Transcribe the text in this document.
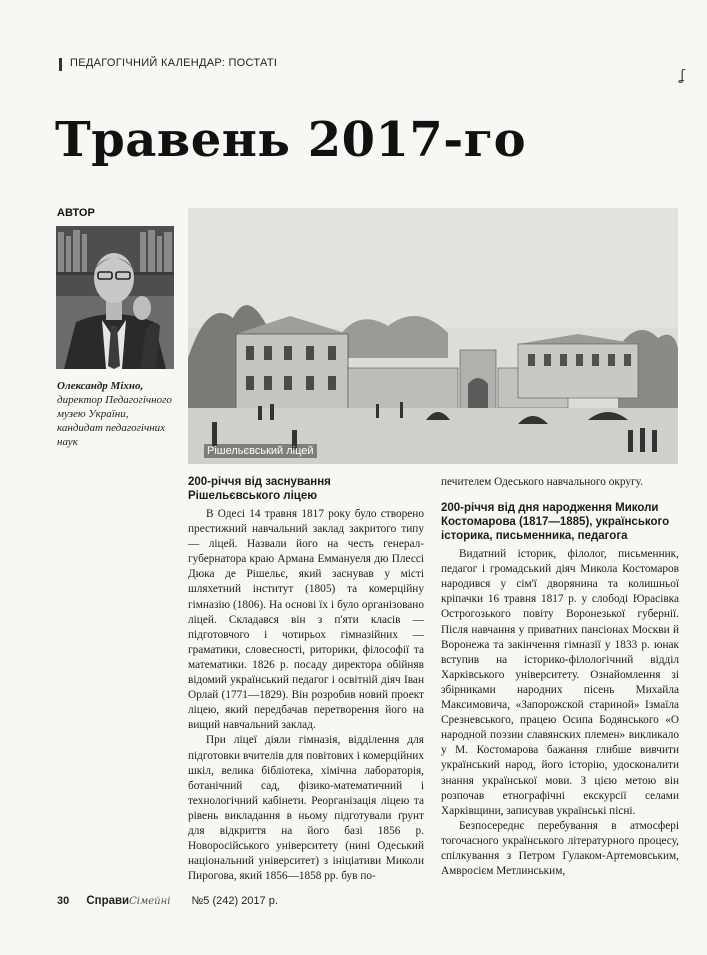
ПЕДАГОГІЧНИЙ КАЛЕНДАР: ПОСТАТІ
ʆ
Травень 2017-го
АВТОР
Олександр Міхно,
директор Педагогічного музею України, кандидат педагогічних наук
Рішельєвський ліцей
200-річчя від заснування Рішельєвського ліцею

В Одесі 14 травня 1817 року було створено престижний навчальний заклад закритого типу — ліцей. Назвали його на честь генерал-губернатора краю Армана Еммануеля дю Плессі Дюка де Рішельє, який заснував у місті шляхетний інститут (1805) та комерційну гімназію (1806). На основі їх і було організовано ліцей. Складався він з п'яти класів — підготовчого і чотирьох гімназійних — граматики, словесності, риторики, філософії та математики. 1826 р. посаду директора обійняв відомий український педагог і освітній діяч Іван Орлай (1771—1829). Він розробив новий проект ліцею, який передбачав перетворення його на вищий навчальний заклад.

При ліцеї діяли гімназія, відділення для підготовки вчителів для повітових і комерційних шкіл, велика бібліотека, хімічна лабораторія, ботанічний сад, фізико-математичний і технологічний кабінети. Реорганізація ліцею та рівень викладання в ньому підготували ґрунт для відкриття на його базі 1856 р. Новоросійського університету (нині Одеський національний університет) з ініціативи Миколи Пирогова, який 1856—1858 рр. був по-

печителем Одеського навчального округу.

200-річчя від дня народження Миколи Костомарова (1817—1885), українського історика, письменника, педагога

Видатний історик, філолог, письменник, педагог і громадський діяч Микола Костомаров народився у сім'ї дворянина та колишньої кріпачки 16 травня 1817 р. у слободі Юрасівка Острогозького повіту Воронезької губернії. Після навчання у приватних пансіонах Москви й Воронежа та закінчення гімназії у 1833 р. юнак вступив на історико-філологічний відділ Харківського університету. Ознайомлення зі збірниками народних пісень Михайла Максимовича, «Запорожской стариной» Ізмаїла Срезневського, працею Осипа Бодянського «О народной поэзии славянских племен» викликало у М. Костомарова бажання глибше вивчити український народ, його історію, удосконалити знання української мови. З цією метою він розпочав етнографічні екскурсії селами Харківщини, записував українські пісні.

Безпосереднє перебування в атмосфері тогочасного українського літературного процесу, спілкування з Петром Гулаком-Артемовським, Амвросієм Метлинським,

30 СправиСімейні №5 (242) 2017 р.
